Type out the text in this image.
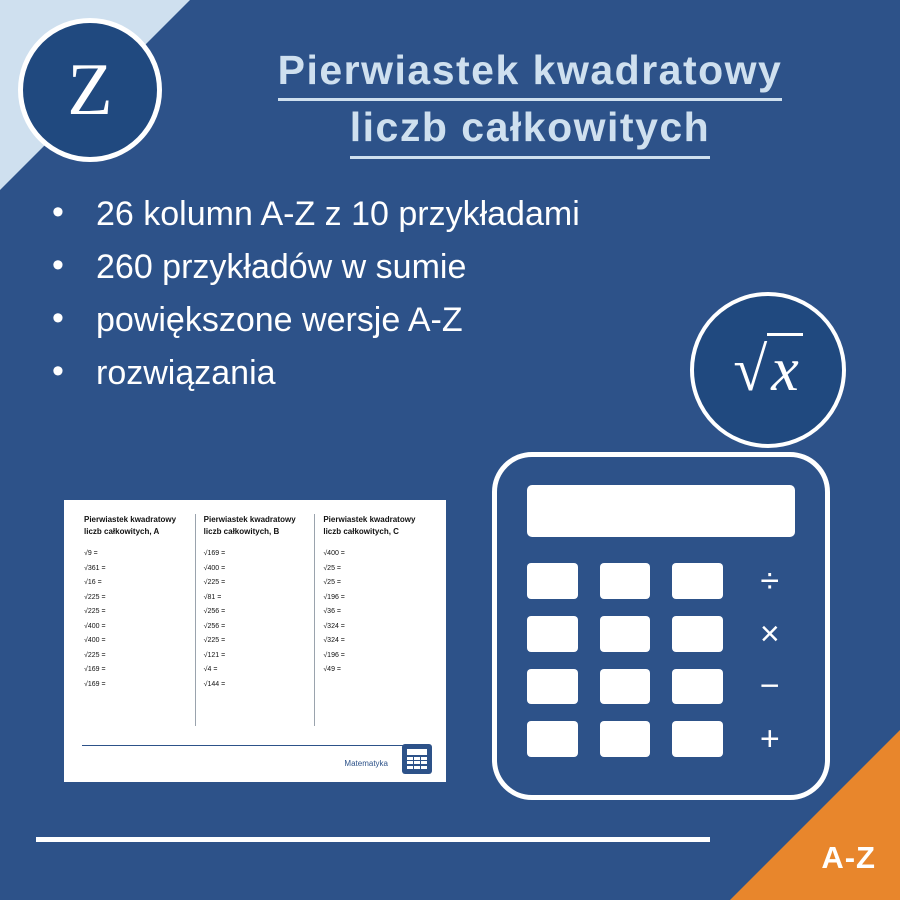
Z	Pierwiastek kwadratowy
liczb całkowitych
• 26 kolumn A-Z z 10 przykładami
• 260 przykładów w sumie
• powiększone wersje A-Z
• rozwiązania	√x
Pierwiastek kwadratowy liczb całkowitych, A
√9 =
√361 =
√16 =
√225 =
√225 =
√400 =
√400 =
√225 =
√169 =
√169 =
Pierwiastek kwadratowy liczb całkowitych, B
√169 =
√400 =
√225 =
√81 =
√256 =
√256 =
√225 =
√121 =
√4 =
√144 =
Pierwiastek kwadratowy liczb całkowitych, C
√400 =
√25 =
√25 =
√196 =
√36 =
√324 =
√324 =
√196 =
√49 =
Matematyka
÷
×
−
+
A-Z
